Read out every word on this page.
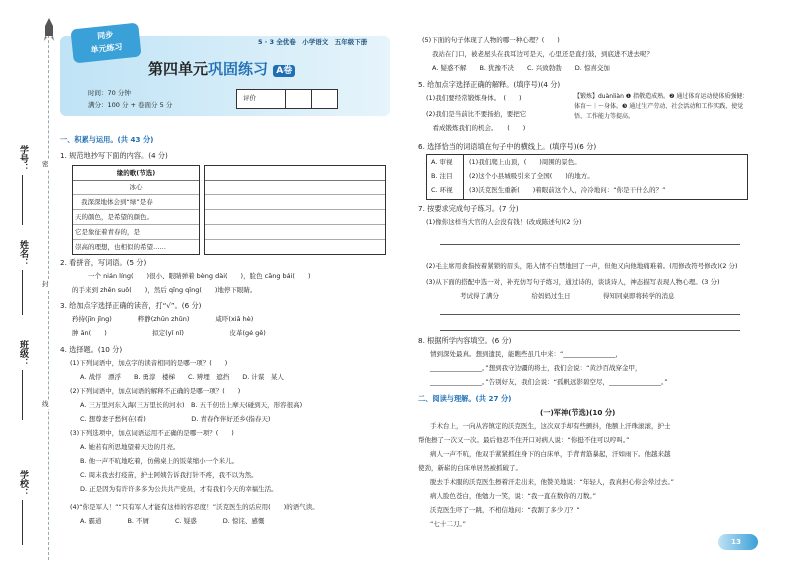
学号：
姓名：
班级：
学校：
密
封
线
同步
单元练习
5 · 3 全优卷　小学语文　五年级下册
第四单元巩固练习 A卷
时间：70 分钟
满分：100 分 + 卷面分 5 分
评价
一、积累与运用。(共 43 分)
1. 规范地抄写下面的内容。(4 分)
缘的歌(节选)
冰心
我深深地体会到“绿”是春
天的颜色，是希望的颜色。
它是象征着青春的，是
崇高的理想，也相似的希望……
2. 看拼音，写词语。(5 分)
一个 nián líng(　　)很小、眼睛弹着 bèng dài(　　)，脸色 cāng bái(　　)
的手来到 zhēn suǒ(　　)，然后 qīng qīng(　　)地停下眼睛。
3. 给加点字选择正确的读音，打“√”。(6 分)
矜持(jīn jīng)　　　　粹静(zhūn zhǔn)　　　　咸吓(xiā hè)
肿 ān(　　)　　　　　　　拟定(yǐ nǐ)　　　　　　　皮革(gé gě)
4. 选择题。(10 分)
(1)下列词语中，加点字的读音相同的是哪一项？(　　)
A. 战俘　漂浮　　B. 勇淳　楼梯　　C. 辨埋　遮挡　　D. 计谋　某人
(2)下列词语中，加点词语的解释不正确的是哪一项？(　　)
A. 三万里河东入海(三万里长的河水)　B. 五千仞岳上摩天(碰到天，形容很高)
C. 想尊妻子愁何在(看)　　　　　　　D. 青春作伴好还乡(指春天)
(3)下列选项中，加点词语运用不正确的是哪一项？(　　)
A. 她若有所思地望着天边的月亮。
B. 他一声不吭地吃着，仿佛桌上的饭菜缩小一个米儿。
C. 周末我去打疫苗，护士阿姨告诉我打针不疼，我不以为然。
D. 正是因为有许许多多为公共共产党员，才有我们今天的幸福生活。
(4)“你是军人！”“只有军人才能有这样的容忍度！”沃克医生的话应用(　　)的语气读。
A. 霸道　　　　B. 不屑　　　　C. 疑惑　　　　D. 惊诧、感慨
(5)下面的句子体现了人物的哪一种心理？(　　)
我站在门口，被老屋头在我耳边可是天，心里还是直打鼓，到底进不进去呢？
A. 疑惑不解　　B. 犹豫不决　　C. 兴致勃勃　　D. 惊喜交加
5. 给加点字选择正确的解释。(填序号)(4 分)
(1)我们要经常锻炼身体。　(　　)
(2)我们是当前比不要扬抬，要把它
　看成锻炼我们的机会。　　(　　)
【锻炼】duànliàn ❶ 指敬造成熟。❷ 通过体育运动使体质强健：体育～｜～身体。❸ 通过生产劳动、社会活动和工作实践，使觉悟、工作能力等提高。
6. 选择恰当的词语填在句子中的横线上。(填序号)(6 分)
A. 审视
B. 注目
C. 环视
(1)我们爬上山顶，(　　)周围的景色。
(2)这个小县城吸引来了全国(　　)的地方。
(3)沃克医生重新(　　)着眼前这个人，冷冷地问：“你是干什么的？”
7. 按要求完成句子练习。(7 分)
(1)像你这样当大官的人会没有钱！(改成陈述句)(2 分)
(2)毛主席用食指按着紧锁的眉头，陷入情不自禁地回了一声，但他又向他地痛难着。(用修改符号修改)(2 分)
(3)从下面的搭配中选一对，补充仿写句子练习，通过诗的，谈谈诗人，神态描写表现人物心理。(3 分)
考试得了满分　　　　　给妈妈过生日　　　　　得知同桌即将转学的消息
8. 根据所学内容填空。(6 分)
情到深处最真。想到遗民，能瞧些虽几中来：“________________，
________________。”想到我守边疆的将士，我们会说：“黄沙百战穿金甲，
________________。”告别好友，我们会说：“孤帆远影碧空尽，________________。”
二、阅读与理解。(共 27 分)
(一)军神(节选)(10 分)
手术台上，一向从容镇定的沃克医生，这次双手却有些颤抖，他额上汗珠滚滚，护士
帮他擦了一次又一次。最后他忍不住开口对病人说：“你挺不住可以哼叫。”
病人一声不吭，他双手紧紧抓住身下的白床单，手背青筋暴起，汗如雨下。他越来越
使劲，新崭的白床单居然被抓破了。
脱去手术服的沃克医生擦着汗走出来，他赞美地说：“年轻人，我真担心你会晕过去。”
病人脸色苍白，他勉力一笑，说：“我一直在数你的刀数。”
沃克医生吓了一跳，不相信地问：“我割了多少刀？”
“七十二刀。”
13
